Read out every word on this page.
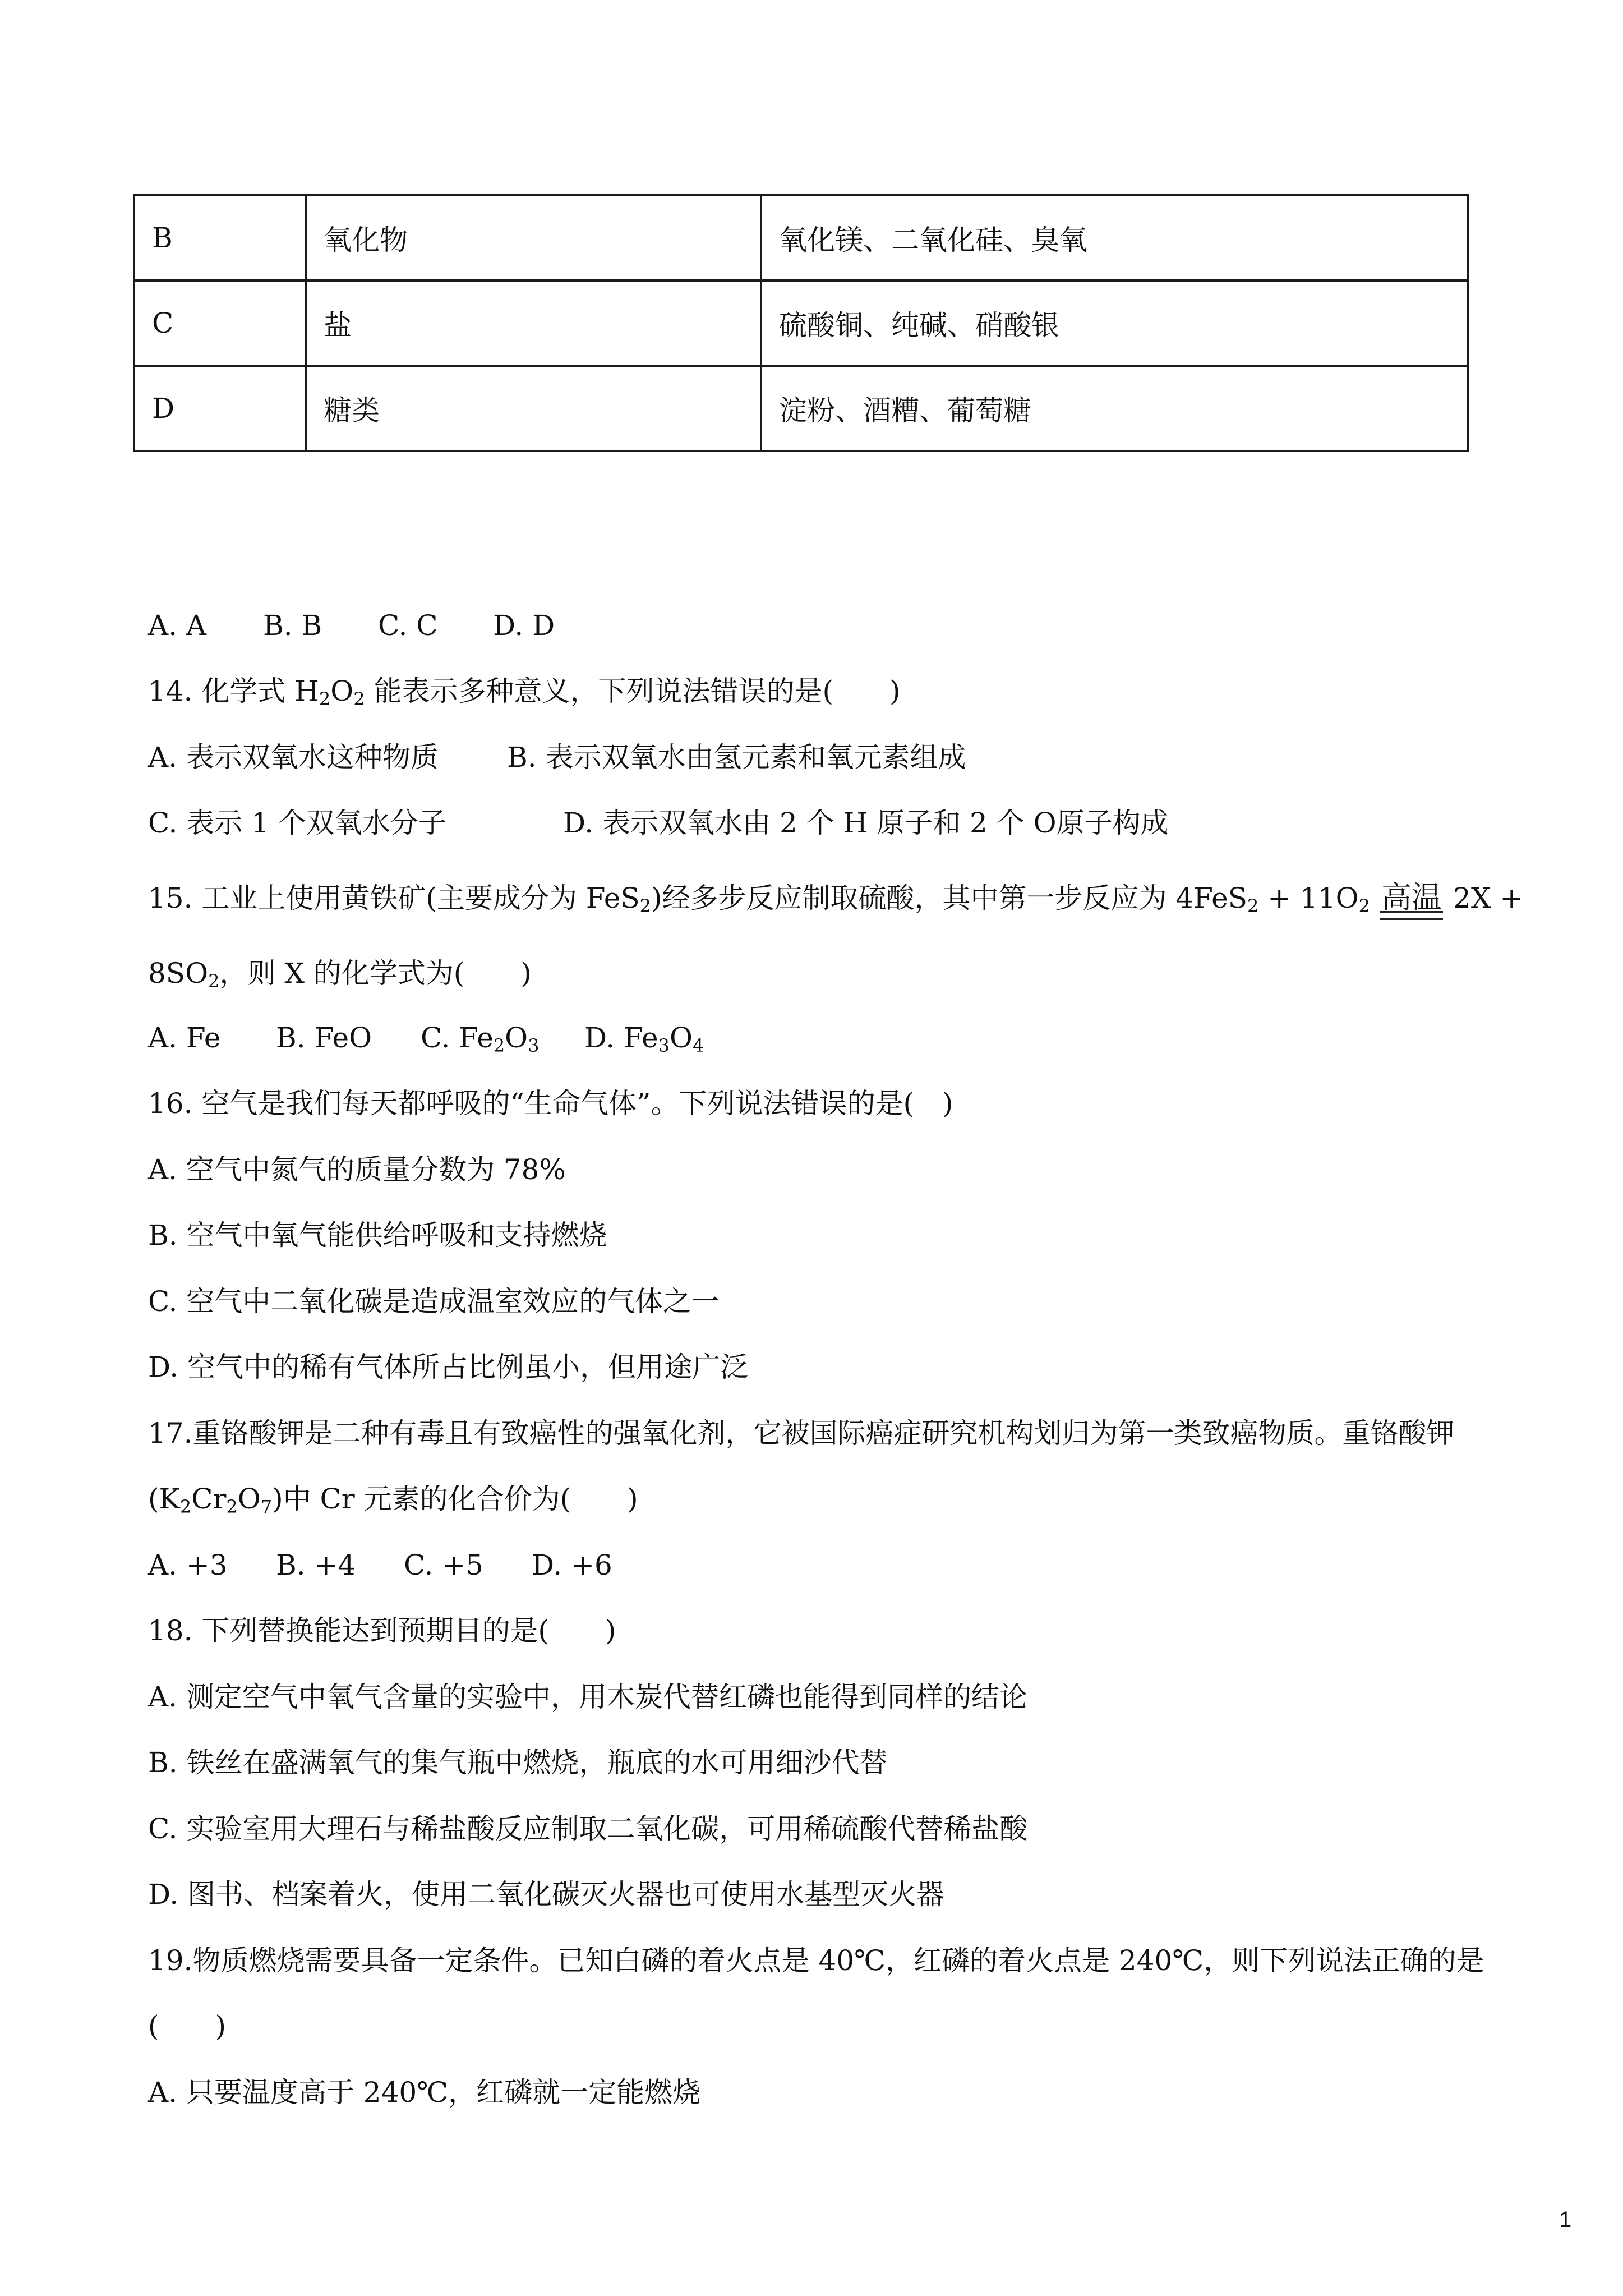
B	氧化物	氧化镁、二氧化硅、臭氧
C	盐	硫酸铜、纯碱、硝酸银
D	糖类	淀粉、酒糟、葡萄糖
A. A B. B C. C D. D
14. 化学式 $H_2O_2$ 能表示多种意义，下列说法错误的是(　　)
A. 表示双氧水这种物质 B. 表示双氧水由氢元素和氧元素组成
C. 表示 1 个双氧水分子	D. 表示双氧水由 2 个 H 原子和 2 个 O原子构成
15. 工业上使用黄铁矿(主要成分为 FeS$_2$)经多步反应制取硫酸，其中第一步反应为 $4FeS_2 + 11O_2$ 高温 2X +
$8SO_2$，则 X 的化学式为(　　)
A. Fe B. FeO C. $Fe_2O_3$ D. $Fe_3O_4$
16. 空气是我们每天都呼吸的“生命气体”。下列说法错误的是(　)
A. 空气中氮气的质量分数为 78%
B. 空气中氧气能供给呼吸和支持燃烧
C. 空气中二氧化碳是造成温室效应的气体之一
D. 空气中的稀有气体所占比例虽小，但用途广泛
17.重铬酸钾是二种有毒且有致癌性的强氧化剂，它被国际癌症研究机构划归为第一类致癌物质。重铬酸钾
$(K_2Cr_2O_7)$中 Cr 元素的化合价为(　　)
A. +3 B. +4 C. +5 D. +6
18. 下列替换能达到预期目的是(　　)
A. 测定空气中氧气含量的实验中，用木炭代替红磷也能得到同样的结论
B. 铁丝在盛满氧气的集气瓶中燃烧，瓶底的水可用细沙代替
C. 实验室用大理石与稀盐酸反应制取二氧化碳，可用稀硫酸代替稀盐酸
D. 图书、档案着火，使用二氧化碳灭火器也可使用水基型灭火器
19.物质燃烧需要具备一定条件。已知白磷的着火点是 40℃，红磷的着火点是 240℃，则下列说法正确的是
(　　)
A. 只要温度高于 240℃，红磷就一定能燃烧
1
